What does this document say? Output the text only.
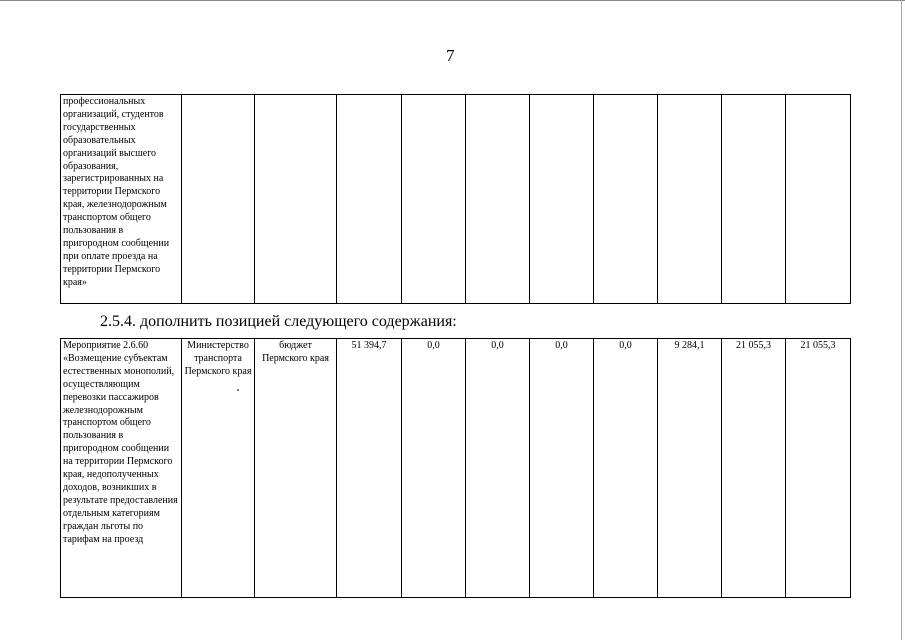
7
профессиональных организаций, студентов государственных образовательных организаций высшего образования, зарегистрированных на территории Пермского края, железнодорожным транспортом общего пользования в пригородном сообщении при оплате проезда на территории Пермского края»										
2.5.4. дополнить позицией следующего содержания:
Мероприятие 2.6.60 «Возмещение субъектам естественных монополий, осуществляющим перевозки пассажиров железнодорожным транспортом общего пользования в пригородном сообщении на территории Пермского края, недополученных доходов, возникших в результате предоставления отдельным категориям граждан льготы по тарифам на проезд	Министерство транспорта Пермского края	бюджет Пермского края	51 394,7	0,0	0,0	0,0	0,0	9 284,1	21 055,3	21 055,3
